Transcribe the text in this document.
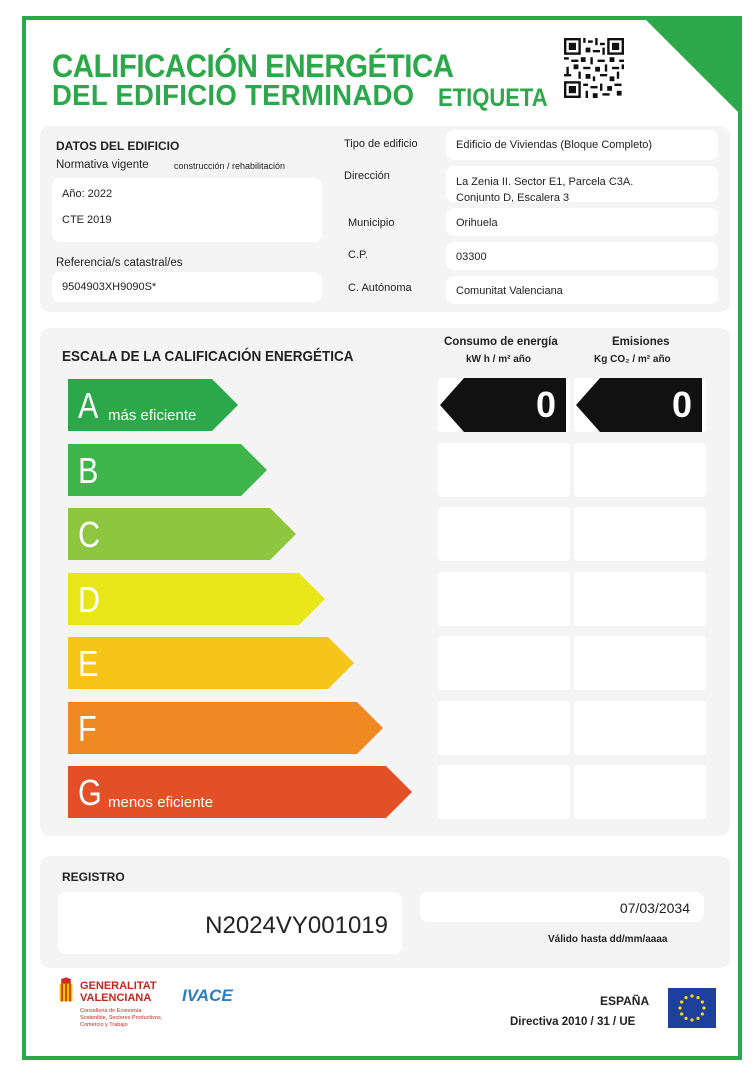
CALIFICACIÓN ENERGÉTICA
DEL EDIFICIO TERMINADO ETIQUETA
DATOS DEL EDIFICIO
Normativa vigente	construcción / rehabilitación
Año: 2022
CTE 2019
Referencia/s catastral/es
9504903XH9090S*
Tipo de edificio	Edificio de Viviendas (Bloque Completo)
Dirección	La Zenia II. Sector E1, Parcela C3A.
Conjunto D, Escalera 3
Municipio	Orihuela
C.P.	03300
C. Autónoma	Comunitat Valenciana
ESCALA DE LA CALIFICACIÓN ENERGÉTICA
Consumo de energía
kW h / m² año
Emisiones
Kg CO₂ / m² año
A más eficiente	0	0
B
C
D
E
F
G menos eficiente
REGISTRO
N2024VY001019
07/03/2034
Válido hasta dd/mm/aaaa
GENERALITAT
VALENCIANA
Conselleria de Economía
Sostenible, Sectores Productivos,
Comercio y Trabajo
IVACE	ESPAÑA
Directiva 2010 / 31 / UE
